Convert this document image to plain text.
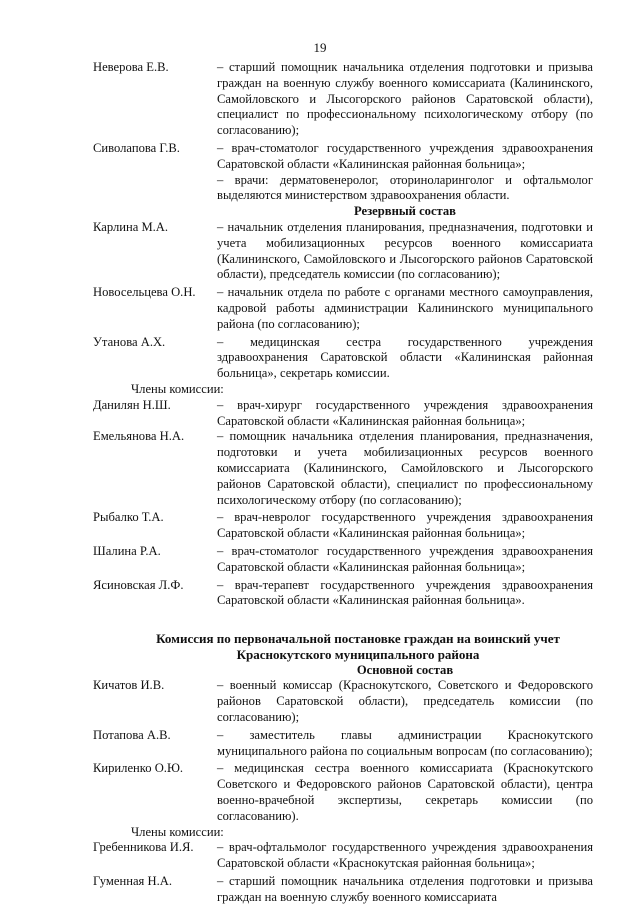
19
Неверова Е.В.	– старший помощник начальника отделения подготовки и призыва граждан на военную службу военного комиссариата (Калининского, Самойловского и Лысогорского районов Саратовской области), специалист по профессиональному психологическому отбору (по согласованию);
Сиволапова Г.В.	– врач-стоматолог государственного учреждения здравоохранения Саратовской области «Калининская районная больница»;
– врачи: дерматовенеролог, оториноларинголог и офтальмолог выделяются министерством здравоохранения области.
Резервный состав
Карлина М.А.	– начальник отделения планирования, предназначения, подготовки и учета мобилизационных ресурсов военного комиссариата (Калининского, Самойловского и Лысогорского районов Саратовской области), председатель комиссии (по согласованию);
Новосельцева О.Н.	– начальник отдела по работе с органами местного самоуправления, кадровой работы администрации Калининского муниципального района (по согласованию);
Утанова А.Х.	– медицинская сестра государственного учреждения здравоохранения Саратовской области «Калининская районная больница», секретарь комиссии.
Члены комиссии:
Данилян Н.Ш.	– врач-хирург государственного учреждения здравоохранения Саратовской области «Калининская районная больница»;
Емельянова Н.А.	– помощник начальника отделения планирования, предназначения, подготовки и учета мобилизационных ресурсов военного комиссариата (Калининского, Самойловского и Лысогорского районов Саратовской области), специалист по профессиональному психологическому отбору (по согласованию);
Рыбалко Т.А.	– врач-невролог государственного учреждения здравоохранения Саратовской области «Калининская районная больница»;
Шалина Р.А.	– врач-стоматолог государственного учреждения здравоохранения Саратовской области «Калининская районная больница»;
Ясиновская Л.Ф.	– врач-терапевт государственного учреждения здравоохранения Саратовской области «Калининская районная больница».
Комиссия по первоначальной постановке граждан на воинский учет
Краснокутского муниципального района
Основной состав
Кичатов И.В.	– военный комиссар (Краснокутского, Советского и Федоровского районов Саратовской области), председатель комиссии (по согласованию);
Потапова А.В.	– заместитель главы администрации Краснокутского муниципального района по социальным вопросам (по согласованию);
Кириленко О.Ю.	– медицинская сестра военного комиссариата (Краснокутского Советского и Федоровского районов Саратовской области), центра военно-врачебной экспертизы, секретарь комиссии (по согласованию).
Члены комиссии:
Гребенникова И.Я.	– врач-офтальмолог государственного учреждения здравоохранения Саратовской области «Краснокутская районная больница»;
Гуменная Н.А.	– старший помощник начальника отделения подготовки и призыва граждан на военную службу военного комиссариата
